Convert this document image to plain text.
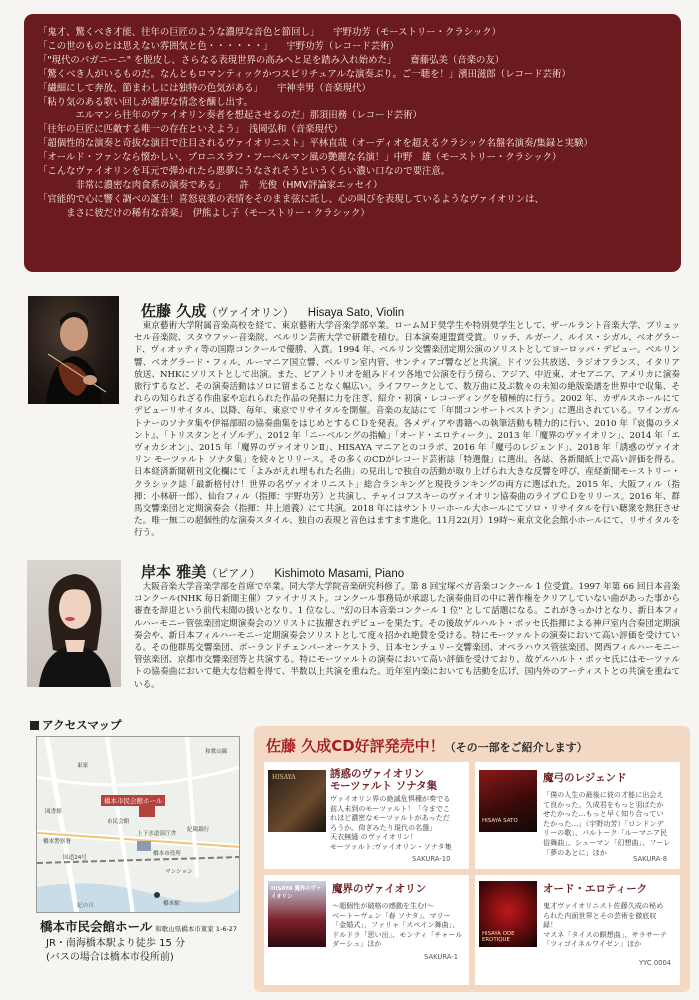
「鬼才、驚くべき才能、往年の巨匠のような濃厚な音色と節回し」　　宇野功芳（モーストリー・クラシック）
「この世のものとは思えない雰囲気と色・・・・・・」　　宇野功芳（レコード芸術）
「"現代のパガニーニ" を脱皮し、さらなる表現世界の高みへと足を踏み入れ始めた」　　齋藤弘美（音楽の友）
「驚くべき人がいるものだ。なんともロマンティックかつスピリチュアルな演奏ぶり。ご一聴を！」濱田滋郎（レコード芸術）
「繊細にして奔放、節まわしには独特の色気がある」　　宇神幸男（音楽現代）
「粘り気のある歌い回しが濃厚な情念を醸し出す。
　　　　エルマンら往年のヴァイオリン奏者を想起させるのだ」那須田務（レコード芸術）
「往年の巨匠に匹敵する唯一の存在といえよう」　浅岡弘和（音楽現代）
「超個性的な演奏と奇抜な演目で注目されるヴァイオリニスト」平林直哉（オーディオを超えるクラシック名盤名演奏/集録と実験）
「オールド・ファンなら懐かしい、ブロニスラフ・フーベルマン風の艶麗な名演！」中野　雄（モーストリー・クラシック）
「こんなヴァイオリンを耳元で弾かれたら悪夢にうなされそうというくらい濃い口なので要注意。
　　　　非常に濃密な肉食系の演奏である」　　許　光俊（HMV評論家エッセイ）
「官能的で心に響く調べの誕生！喜怒哀楽の表情をそのまま弦に託し、心の叫びを表現しているようなヴァイオリンは、
　　　まさに彼だけの稀有な音楽」　伊熊よし子（モーストリー・クラシック）
佐藤 久成（ヴァイオリン） Hisaya Sato, Violin

東京藝術大学附属音楽高校を経て、東京藝術大学音楽学部卒業。ロームＭＦ奨学生や特別奨学生として、ザールラント音楽大学、ブリュッセル音楽院、スタウファー音楽院、ベルリン芸術大学で研鑽を積む。日本演奏連盟賞受賞。リッチ、ルガーノ、ルイス・シガル、ベオグラード、ヴィオッティ等の国際コンクールで優勝、入賞。1994 年、ベルリン交響楽団定期公演のソリストとしてヨーロッパ・デビュー。ベルリン響、ベオグラード・フィル、ルーマニア国立響、ベルリン室内管、サンティアゴ響などと共演。ドイツ公共放送、ラジオフランス、イタリア放送、NHKにソリストとして出演。また、ピアノトリオを組みドイツ各地で公演を行う傍ら、アジア、中近東、オセアニア、アメリカに演奏旅行するなど、その演奏活動はソロに留まることなく幅広い。ライフワークとして、数万曲に及ぶ数々の未知の絶版楽譜を世界中で収集、それらの知られざる作曲家や忘れられた作品の発掘に力を注ぎ、紹介・初演・レコーディングを積極的に行う。2002 年、カザルスホールにてデビューリサイタル、以降、毎年、東京でリサイタルを開催。音楽の友誌にて「年間コンサートベストテン」に選出されている。ワインガルトナーのソナタ集や伊福部昭の協奏曲集をはじめとするＣＤを発表。各メディアや書籍への執筆活動も精力的に行い、2010 年『哀傷のラメント』、「トリスタンとイゾルデ」、2012 年「ニーベルングの指輪」「オード・エロティーク」、2013 年「魔界のヴァイオリン」、2014 年「エヴォカシオン」、2015 年「魔界のヴァイオリンⅡ」、HISAYA マニアとのコラボ、2016 年「魔弓のレジェンド」、2018 年「誘惑のヴァイオリン モーツァルト ソナタ集」を続々とリリース。その多くのCDがレコード芸術誌「特選盤」に選出。各誌、各新聞紙上で高い評価を得る。日本経済新聞朝刊文化欄にて「よみがえれ埋もれた名曲」の見出しで独自の活動が取り上げられ大きな反響を呼び、産経新聞モーストリー・クラシック誌「最新格付け！世界の名ヴァイオリニスト」総合ランキングと現役ランキングの両方に選ばれた。2015 年、大阪フィル（指揮：小林研一郎）、仙台フィル（指揮：宇野功芳）と共演し、チャイコフスキーのヴァイオリン協奏曲のライブＣＤをリリース。2016 年、群馬交響楽団と定期演奏会（指揮：井上道義）にて共演。2018 年にはサントリーホール大ホールにてソロ・リサイタルを行い聴衆を熱狂させた。唯一無二の超個性的な演奏スタイル、独自の表現と音色はますます進化。11月22(月）19時〜東京文化会館小ホールにて、リサイタルを行う。

岸本 雅美（ピアノ） Kishimoto Masami, Piano

大阪音楽大学音楽学部を首席で卒業。同大学大学院音楽研究科修了。第 8 回宝塚ベガ音楽コンクール 1 位受賞。1997 年第 66 回日本音楽コンクール(NHK 毎日新聞主催）ファイナリスト。コンクール事務局が承認した演奏曲目の中に著作権をクリアしていない曲があった事から審査を辞退という前代未聞の扱いとなり、1 位なし、"幻の日本音楽コンクール 1 位" として話題になる。これがきっかけとなり、新日本フィルハーモニー管弦楽団定期演奏会のソリストに抜擢されデビューを果たす。その後故ゲルハルト・ボッセ氏指揮による神戸室内合奏団定期演奏会や、新日本フィルハーモニー定期演奏会ソリストとして度々招かれ絶賛を受ける。特にモーツァルトの演奏において高い評価を受けている。その他群馬交響楽団、ポーランドチェンバーオーケストラ、日本センチュリー交響楽団、オペラハウス管弦楽団、関西フィルハーモニー管弦楽団、京都市交響楽団等と共演する。特にモーツァルトの演奏において高い評価を受けており、故ゲルハルト・ボッセ氏にはモーツァルトの協奏曲において絶大な信頼を得て、半数以上共演を重ねた。近年室内楽においても活動を広げ、国内外のアーティストとの共演を重ねている。

アクセスマップ
橋本市民会館ホール
市民会館
上下水道部庁舎
橋本市役所
橋本警察署
橋本駅
図書館
紀陽銀行
和歌山線
紀の川
国道24号
東家
マンション
橋本市民会館ホール 和歌山県橋本市東家 1-6-27
JR・南海橋本駅より徒歩 15 分
(バスの場合は橋本市役所前)
佐藤 久成CD好評発売中！（その一部をご紹介します）
HISAYA	誘惑のヴァイオリン
モーツァルト ソナタ集
ヴァイオリン界の絶滅危惧種が奏でる
前人未到のモーツァルト！「今までこ
れほど濃密なモーツァルトがあっただ
ろうか。仰ぎみたり現代の名盤」
天衣無縫 のヴァイオリン！
モーツァルト:ヴァイオリン・ソナタ集
SAKURA-10
HISAYA SATO
魔弓のレジェンド
「僕の人生の最後に彼の才能に出会え
て良かった。久成君をもっと羽ばたか
せたかった…もっと早く知り合ってい
たかった…」（宇野功芳）「ロンドンデ
リーの歌」、バルトーク「ルーマニア民
俗舞曲」、シューマン「幻想曲」、フーレ
「夢のあとに」ほか
SAKURA-8
HISAYA 魔界のヴァイオリン
魔界のヴァイオリン
〜超個性が破格の感動を生む!〜
ベートーヴェン「春 ソナタ」、マリー
「金婚式」、ファリャ「スペイン舞曲」、
ドルドラ「思い出」、モンティ「チャール
ダーシュ」ほか
SAKURA-1
HISAYA ODE EROTIQUE
オード・エロティーク
鬼才ヴァイオリニスト佐藤久成の秘め
られた内面世界とその芸術を徹底収
録！
マスネ「タイスの瞑想曲」、サラサーテ
「ツィゴイネルワイゼン」ほか
YYC 0004
